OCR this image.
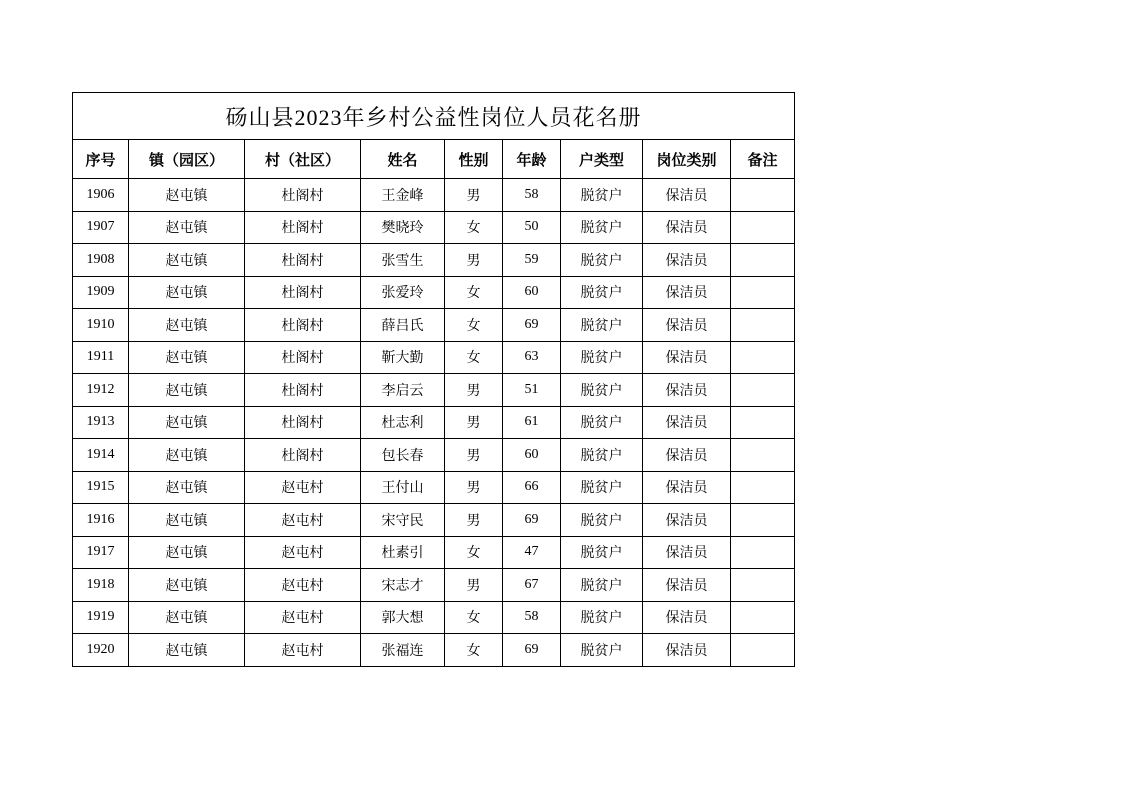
砀山县2023年乡村公益性岗位人员花名册								
序号	镇（园区）	村（社区）	姓名	性别	年龄	户类型	岗位类别	备注
1906	赵屯镇	杜阁村	王金峰	男	58	脱贫户	保洁员	
1907	赵屯镇	杜阁村	樊晓玲	女	50	脱贫户	保洁员	
1908	赵屯镇	杜阁村	张雪生	男	59	脱贫户	保洁员	
1909	赵屯镇	杜阁村	张爱玲	女	60	脱贫户	保洁员	
1910	赵屯镇	杜阁村	薛吕氏	女	69	脱贫户	保洁员	
1911	赵屯镇	杜阁村	靳大勤	女	63	脱贫户	保洁员	
1912	赵屯镇	杜阁村	李启云	男	51	脱贫户	保洁员	
1913	赵屯镇	杜阁村	杜志利	男	61	脱贫户	保洁员	
1914	赵屯镇	杜阁村	包长春	男	60	脱贫户	保洁员	
1915	赵屯镇	赵屯村	王付山	男	66	脱贫户	保洁员	
1916	赵屯镇	赵屯村	宋守民	男	69	脱贫户	保洁员	
1917	赵屯镇	赵屯村	杜素引	女	47	脱贫户	保洁员	
1918	赵屯镇	赵屯村	宋志才	男	67	脱贫户	保洁员	
1919	赵屯镇	赵屯村	郭大想	女	58	脱贫户	保洁员	
1920	赵屯镇	赵屯村	张福连	女	69	脱贫户	保洁员	
